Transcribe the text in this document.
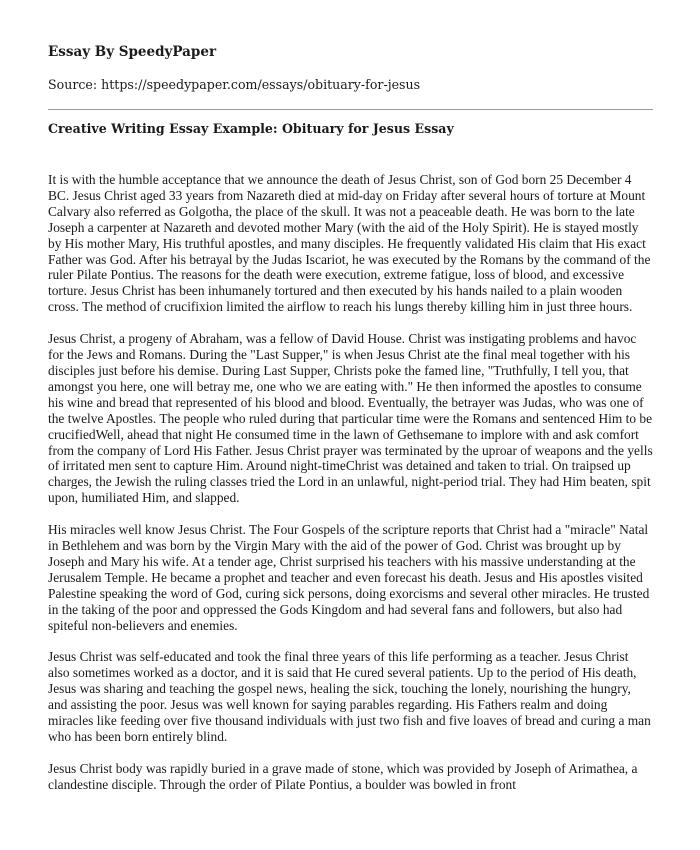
Essay By SpeedyPaper
Source: https://speedypaper.com/essays/obituary-for-jesus
Creative Writing Essay Example: Obituary for Jesus Essay

It is with the humble acceptance that we announce the death of Jesus Christ, son of God born 25 December 4 BC. Jesus Christ aged 33 years from Nazareth died at mid-day on Friday after several hours of torture at Mount Calvary also referred as Golgotha, the place of the skull. It was not a peaceable death. He was born to the late Joseph a carpenter at Nazareth and devoted mother Mary (with the aid of the Holy Spirit). He is stayed mostly by His mother Mary, His truthful apostles, and many disciples. He frequently validated His claim that His exact Father was God. After his betrayal by the Judas Iscariot, he was executed by the Romans by the command of the ruler Pilate Pontius. The reasons for the death were execution, extreme fatigue, loss of blood, and excessive torture. Jesus Christ has been inhumanely tortured and then executed by his hands nailed to a plain wooden cross. The method of crucifixion limited the airflow to reach his lungs thereby killing him in just three hours.

Jesus Christ, a progeny of Abraham, was a fellow of David House. Christ was instigating problems and havoc for the Jews and Romans. During the "Last Supper," is when Jesus Christ ate the final meal together with his disciples just before his demise. During Last Supper, Christs poke the famed line, "Truthfully, I tell you, that amongst you here, one will betray me, one who we are eating with." He then informed the apostles to consume his wine and bread that represented of his blood and blood. Eventually, the betrayer was Judas, who was one of the twelve Apostles. The people who ruled during that particular time were the Romans and sentenced Him to be crucifiedWell, ahead that night He consumed time in the lawn of Gethsemane to implore with and ask comfort from the company of Lord His Father. Jesus Christ prayer was terminated by the uproar of weapons and the yells of irritated men sent to capture Him. Around night-timeChrist was detained and taken to trial. On traipsed up charges, the Jewish the ruling classes tried the Lord in an unlawful, night-period trial. They had Him beaten, spit upon, humiliated Him, and slapped.

His miracles well know Jesus Christ. The Four Gospels of the scripture reports that Christ had a "miracle" Natal in Bethlehem and was born by the Virgin Mary with the aid of the power of God. Christ was brought up by Joseph and Mary his wife. At a tender age, Christ surprised his teachers with his massive understanding at the Jerusalem Temple. He became a prophet and teacher and even forecast his death. Jesus and His apostles visited Palestine speaking the word of God, curing sick persons, doing exorcisms and several other miracles. He trusted in the taking of the poor and oppressed the Gods Kingdom and had several fans and followers, but also had spiteful non-believers and enemies.

Jesus Christ was self-educated and took the final three years of this life performing as a teacher. Jesus Christ also sometimes worked as a doctor, and it is said that He cured several patients. Up to the period of His death, Jesus was sharing and teaching the gospel news, healing the sick, touching the lonely, nourishing the hungry, and assisting the poor. Jesus was well known for saying parables regarding. His Fathers realm and doing miracles like feeding over five thousand individuals with just two fish and five loaves of bread and curing a man who has been born entirely blind.

Jesus Christ body was rapidly buried in a grave made of stone, which was provided by Joseph of Arimathea, a clandestine disciple. Through the order of Pilate Pontius, a boulder was bowled in front
